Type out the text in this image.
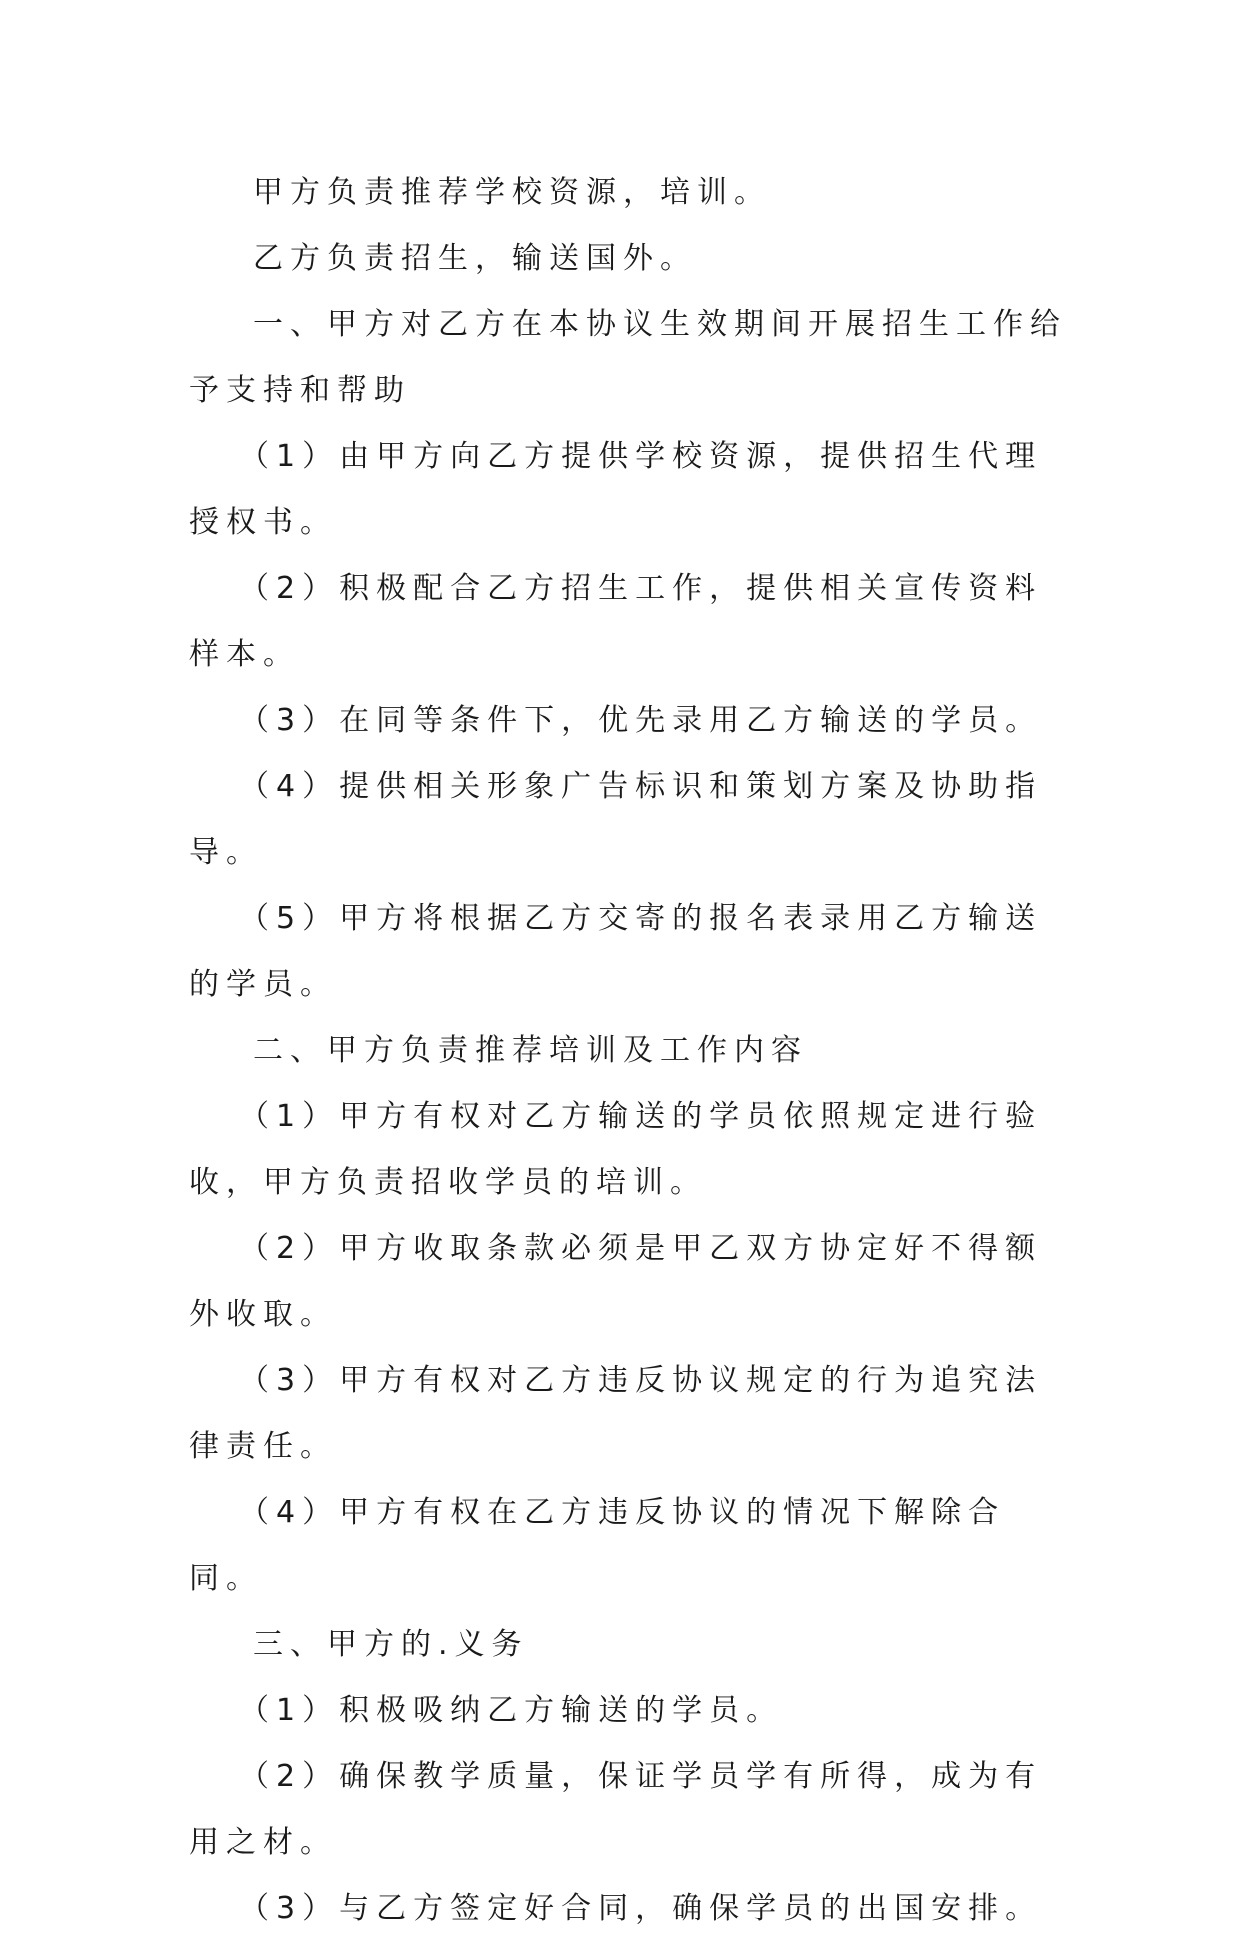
甲方负责推荐学校资源，培训。

乙方负责招生，输送国外。

一、甲方对乙方在本协议生效期间开展招生工作给予支持和帮助

（1）由甲方向乙方提供学校资源，提供招生代理授权书。

（2）积极配合乙方招生工作，提供相关宣传资料样本。

（3）在同等条件下，优先录用乙方输送的学员。

（4）提供相关形象广告标识和策划方案及协助指导。

（5）甲方将根据乙方交寄的报名表录用乙方输送的学员。

二、甲方负责推荐培训及工作内容

（1）甲方有权对乙方输送的学员依照规定进行验收，甲方负责招收学员的培训。

（2）甲方收取条款必须是甲乙双方协定好不得额外收取。

（3）甲方有权对乙方违反协议规定的行为追究法律责任。

（4）甲方有权在乙方违反协议的情况下解除合同。

三、甲方的.义务

（1）积极吸纳乙方输送的学员。

（2）确保教学质量，保证学员学有所得，成为有用之材。

（3）与乙方签定好合同，确保学员的出国安排。
